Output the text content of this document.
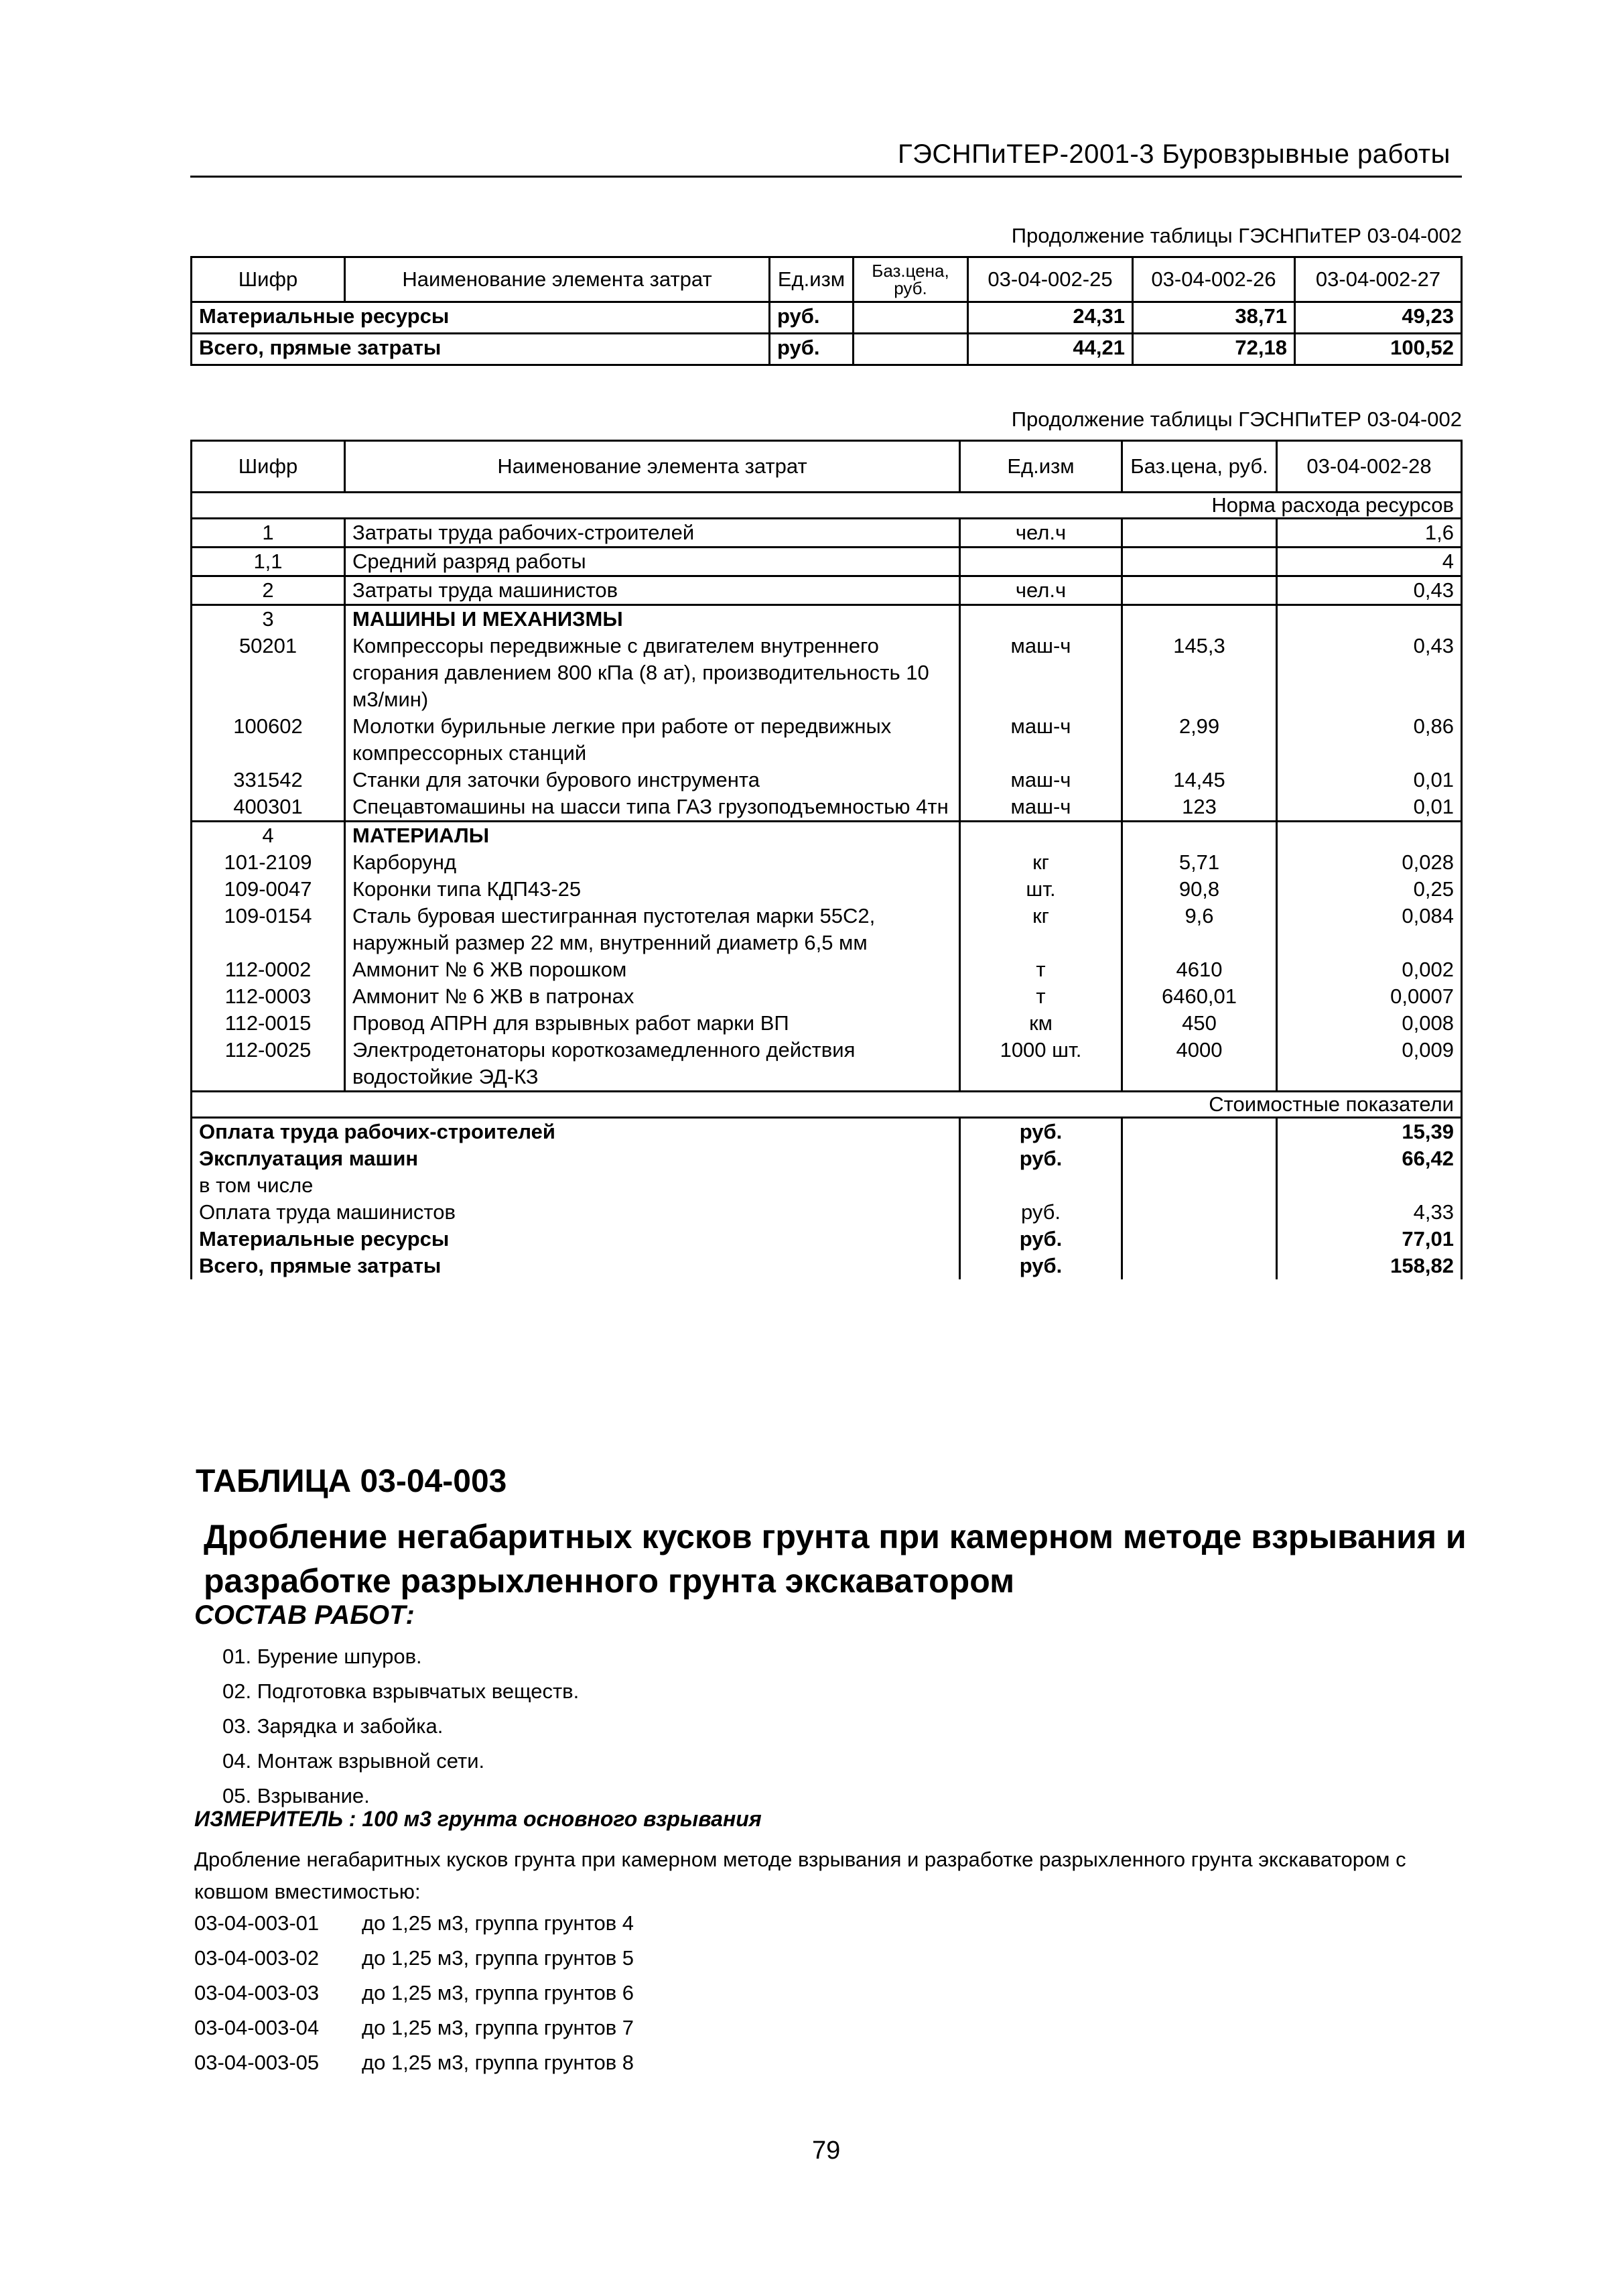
ГЭСНПиТЕР-2001-3 Буровзрывные работы
Продолжение таблицы ГЭСНПиТЕР 03-04-002
Шифр	Наименование элемента затрат	Ед.изм	Баз.цена, руб.	03-04-002-25	03-04-002-26	03-04-002-27
Материальные ресурсы		руб.		24,31	38,71	49,23
Всего, прямые затраты		руб.		44,21	72,18	100,52
Продолжение таблицы ГЭСНПиТЕР 03-04-002
Шифр	Наименование элемента затрат	Ед.изм	Баз.цена, руб.	03-04-002-28
Норма расхода ресурсов				
1	Затраты труда рабочих-строителей	чел.ч		1,6
1,1	Средний разряд работы			4
2	Затраты труда машинистов	чел.ч		0,43
3	МАШИНЫ И МЕХАНИЗМЫ			
50201	Компрессоры передвижные с двигателем внутреннего сгорания давлением 800 кПа (8 ат), производительность 10 м3/мин)	маш-ч	145,3	0,43
100602	Молотки бурильные легкие при работе от передвижных компрессорных станций	маш-ч	2,99	0,86
331542	Станки для заточки бурового инструмента	маш-ч	14,45	0,01
400301	Спецавтомашины на шасси типа ГАЗ грузоподъемностью 4тн	маш-ч	123	0,01
4	МАТЕРИАЛЫ			
101-2109	Карборунд	кг	5,71	0,028
109-0047	Коронки типа КДП43-25	шт.	90,8	0,25
109-0154	Сталь буровая шестигранная пустотелая марки 55С2, наружный размер 22 мм, внутренний диаметр 6,5 мм	кг	9,6	0,084
112-0002	Аммонит № 6 ЖВ порошком	т	4610	0,002
112-0003	Аммонит № 6 ЖВ в патронах	т	6460,01	0,0007
112-0015	Провод АПРН для взрывных работ марки ВП	км	450	0,008
112-0025	Электродетонаторы короткозамедленного действия водостойкие ЭД-КЗ	1000 шт.	4000	0,009
Стоимостные показатели				
Оплата труда рабочих-строителей		руб.		15,39
Эксплуатация машин		руб.		66,42
в том числе				
Оплата труда машинистов		руб.		4,33
Материальные ресурсы		руб.		77,01
Всего, прямые затраты		руб.		158,82
ТАБЛИЦА 03-04-003
Дробление негабаритных кусков грунта при камерном методе взрывания и разработке разрыхленного грунта экскаватором
СОСТАВ РАБОТ:
01. Бурение шпуров.
02. Подготовка взрывчатых веществ.
03. Зарядка и забойка.
04. Монтаж взрывной сети.
05. Взрывание.
ИЗМЕРИТЕЛЬ : 100 м3 грунта основного взрывания
Дробление негабаритных кусков грунта при камерном методе взрывания и разработке разрыхленного грунта экскаватором с ковшом вместимостью:
03-04-003-01 до 1,25 м3, группа грунтов 4
03-04-003-02 до 1,25 м3, группа грунтов 5
03-04-003-03 до 1,25 м3, группа грунтов 6
03-04-003-04 до 1,25 м3, группа грунтов 7
03-04-003-05 до 1,25 м3, группа грунтов 8
79
